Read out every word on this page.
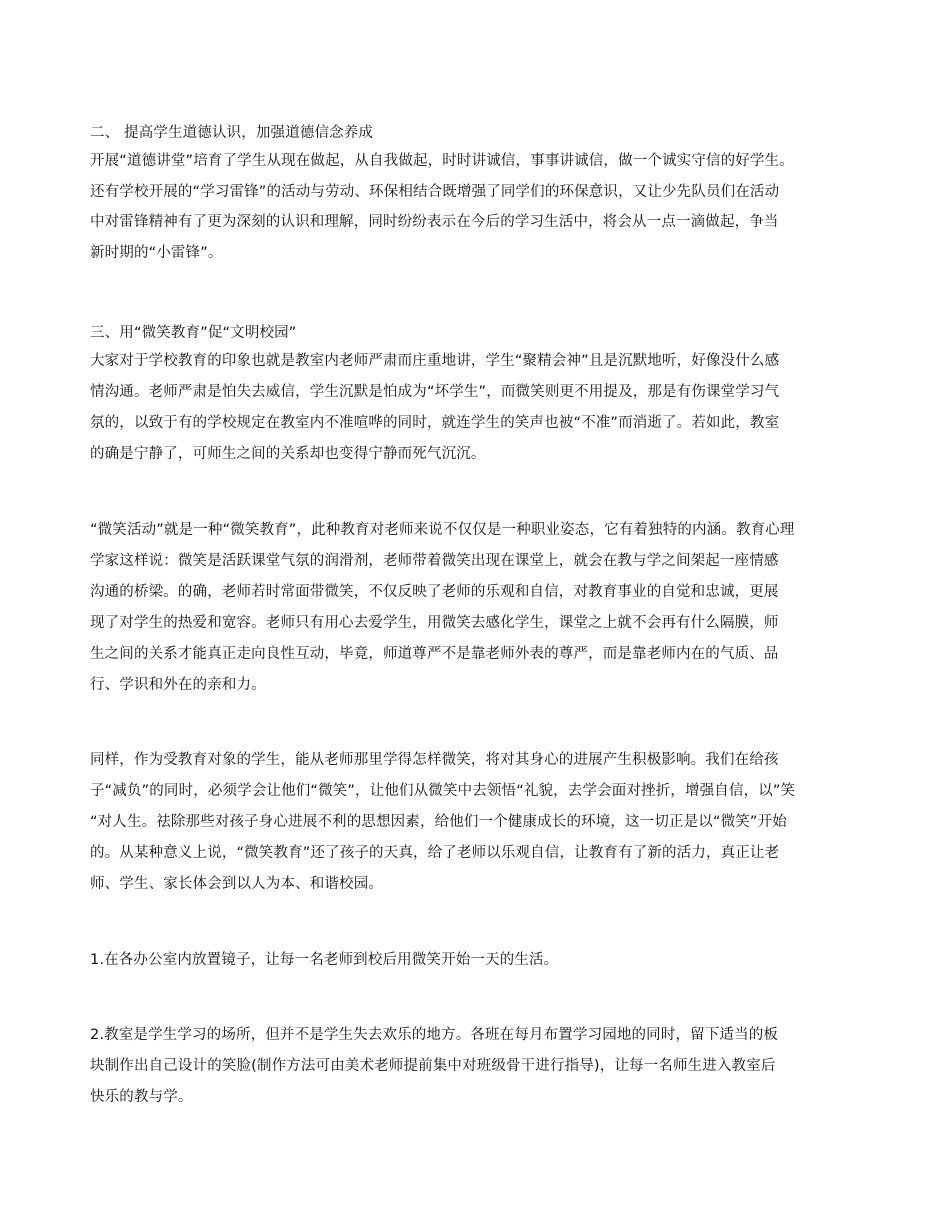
二、 提高学生道德认识，加强道德信念养成
开展“道德讲堂”培育了学生从现在做起，从自我做起，时时讲诚信，事事讲诚信，做一个诚实守信的好学生。
还有学校开展的“学习雷锋”的活动与劳动、环保相结合既增强了同学们的环保意识，又让少先队员们在活动
中对雷锋精神有了更为深刻的认识和理解，同时纷纷表示在今后的学习生活中，将会从一点一滴做起，争当
新时期的“小雷锋”。
三、用“微笑教育”促“文明校园”
大家对于学校教育的印象也就是教室内老师严肃而庄重地讲，学生“聚精会神”且是沉默地听，好像没什么感
情沟通。老师严肃是怕失去威信，学生沉默是怕成为“坏学生”，而微笑则更不用提及，那是有伤课堂学习气
氛的，以致于有的学校规定在教室内不准喧哗的同时，就连学生的笑声也被“不准”而消逝了。若如此，教室
的确是宁静了，可师生之间的关系却也变得宁静而死气沉沉。
“微笑活动”就是一种“微笑教育”，此种教育对老师来说不仅仅是一种职业姿态，它有着独特的内涵。教育心理
学家这样说：微笑是活跃课堂气氛的润滑剂，老师带着微笑出现在课堂上，就会在教与学之间架起一座情感
沟通的桥梁。的确，老师若时常面带微笑，不仅反映了老师的乐观和自信，对教育事业的自觉和忠诚，更展
现了对学生的热爱和宽容。老师只有用心去爱学生，用微笑去感化学生，课堂之上就不会再有什么隔膜，师
生之间的关系才能真正走向良性互动，毕竟，师道尊严不是靠老师外表的尊严，而是靠老师内在的气质、品
行、学识和外在的亲和力。
同样，作为受教育对象的学生，能从老师那里学得怎样微笑，将对其身心的进展产生积极影响。我们在给孩
子“减负”的同时，必须学会让他们“微笑”，让他们从微笑中去领悟“礼貌，去学会面对挫折，增强自信，以”笑
“对人生。祛除那些对孩子身心进展不利的思想因素，给他们一个健康成长的环境，这一切正是以“微笑”开始
的。从某种意义上说，“微笑教育”还了孩子的天真，给了老师以乐观自信，让教育有了新的活力，真正让老
师、学生、家长体会到以人为本、和谐校园。
1.在各办公室内放置镜子，让每一名老师到校后用微笑开始一天的生活。
2.教室是学生学习的场所，但并不是学生失去欢乐的地方。各班在每月布置学习园地的同时，留下适当的板
块制作出自己设计的笑脸(制作方法可由美术老师提前集中对班级骨干进行指导)，让每一名师生进入教室后
快乐的教与学。
